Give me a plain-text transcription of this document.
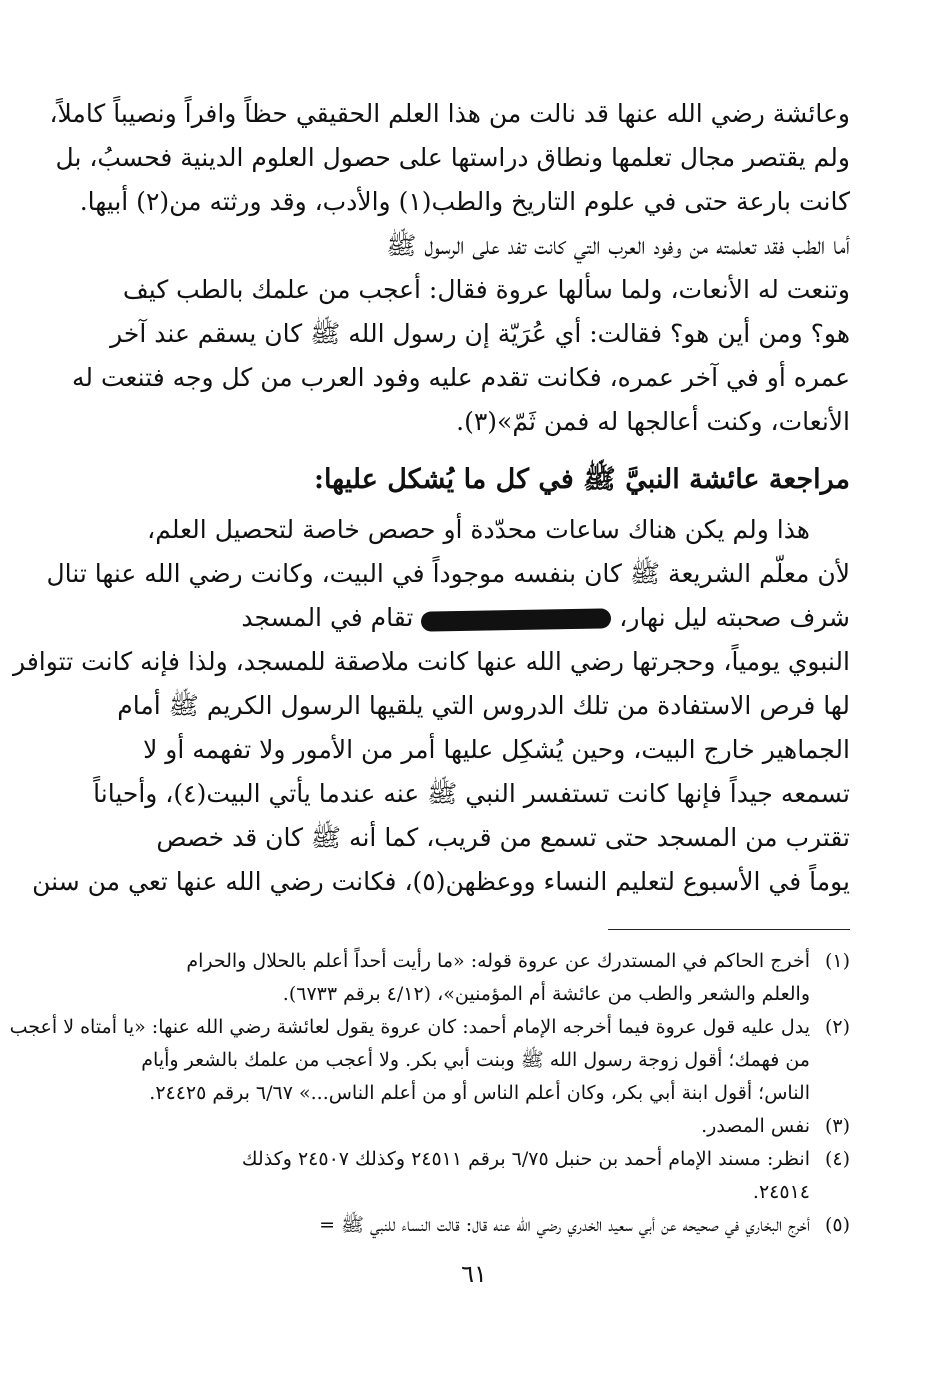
وعائشة رضي الله عنها قد نالت من هذا العلم الحقيقي حظاً وافراً ونصيباً كاملاً،
ولم يقتصر مجال تعلمها ونطاق دراستها على حصول العلوم الدينية فحسبُ، بل
كانت بارعة حتى في علوم التاريخ والطب(١) والأدب، وقد ورثته من(٢) أبيها.
أما الطب فقد تعلمته من وفود العرب التي كانت تفد على الرسول ﷺ
وتنعت له الأنعات، ولما سألها عروة فقال: أعجب من علمك بالطب كيف
هو؟ ومن أين هو؟ فقالت: أي عُرَيّة إن رسول الله ﷺ كان يسقم عند آخر
عمره أو في آخر عمره، فكانت تقدم عليه وفود العرب من كل وجه فتنعت له
الأنعات، وكنت أعالجها له فمن ثَمّ»(٣).
مراجعة عائشة النبيَّ ﷺ في كل ما يُشكل عليها:
هذا ولم يكن هناك ساعات محدّدة أو حصص خاصة لتحصيل العلم،
لأن معلّم الشريعة ﷺ كان بنفسه موجوداً في البيت، وكانت رضي الله عنها تنال
شرف صحبته ليل نهار،  تقام في المسجد
النبوي يومياً، وحجرتها رضي الله عنها كانت ملاصقة للمسجد، ولذا فإنه كانت تتوافر
لها فرص الاستفادة من تلك الدروس التي يلقيها الرسول الكريم ﷺ أمام
الجماهير خارج البيت، وحين يُشكِل عليها أمر من الأمور ولا تفهمه أو لا
تسمعه جيداً فإنها كانت تستفسر النبي ﷺ عنه عندما يأتي البيت(٤)، وأحياناً
تقترب من المسجد حتى تسمع من قريب، كما أنه ﷺ كان قد خصص
يوماً في الأسبوع لتعليم النساء ووعظهن(٥)، فكانت رضي الله عنها تعي من سنن
(١)أخرج الحاكم في المستدرك عن عروة قوله: «ما رأيت أحداً أعلم بالحلال والحرام
والعلم والشعر والطب من عائشة أم المؤمنين»، (٤/١٢ برقم ٦٧٣٣).
(٢)يدل عليه قول عروة فيما أخرجه الإمام أحمد: كان عروة يقول لعائشة رضي الله عنها: «يا أمتاه لا أعجب
من فهمك؛ أقول زوجة رسول الله ﷺ وبنت أبي بكر. ولا أعجب من علمك بالشعر وأيام
الناس؛ أقول ابنة أبي بكر، وكان أعلم الناس أو من أعلم الناس...» ٦/٦٧ برقم ٢٤٤٢٥.
(٣)نفس المصدر.
(٤)انظر: مسند الإمام أحمد بن حنبل ٦/٧٥ برقم ٢٤٥١١ وكذلك ٢٤٥٠٧ وكذلك
٢٤٥١٤.
(٥)أخرج البخاري في صحيحه عن أبي سعيد الخدري رضي الله عنه قال: قالت النساء للنبي ﷺ =
٦١
